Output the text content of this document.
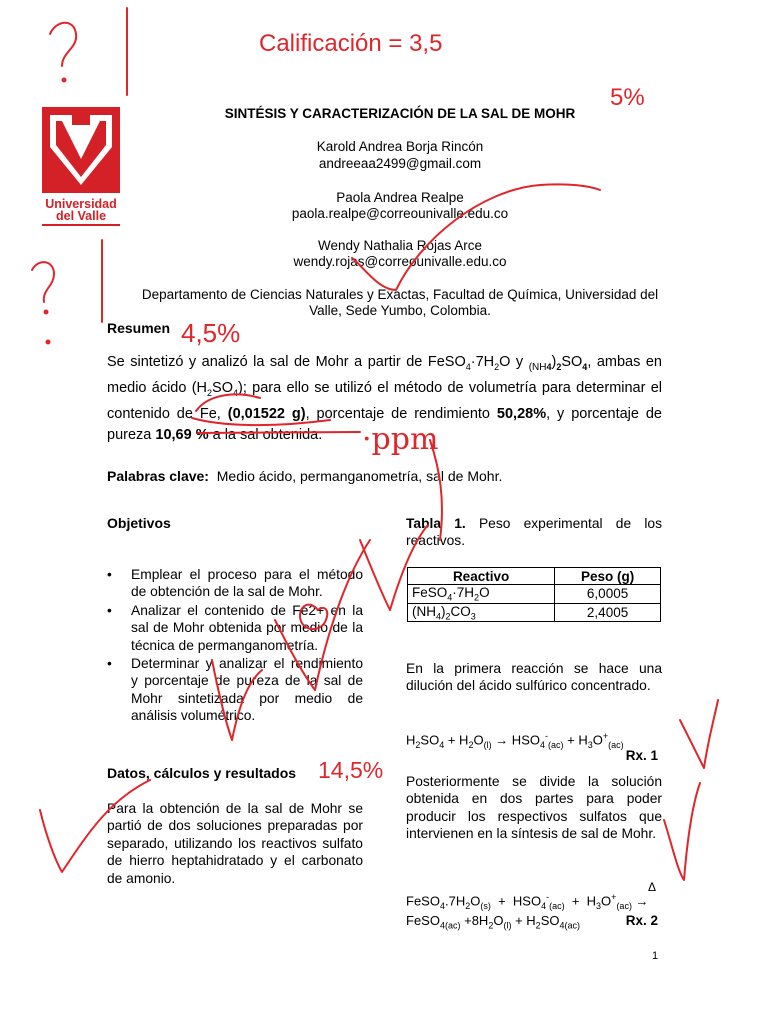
Calificación = 3,5
5%
4,5%
·ppm
14,5%
Universidad
del Valle
SINTÉSIS Y CARACTERIZACIÓN DE LA SAL DE MOHR
Karold Andrea Borja Rincón
andreeaa2499@gmail.com
Paola Andrea Realpe
paola.realpe@correounivalle.edu.co
Wendy Nathalia Rojas Arce
wendy.rojas@correounivalle.edu.co
Departamento de Ciencias Naturales y Exactas, Facultad de Química, Universidad del
Valle, Sede Yumbo, Colombia.
Resumen
Se sintetizó y analizó la sal de Mohr a partir de $FeSO_4\cdot 7H_2O$ y $_{(NH4})_2SO_4$, ambas en medio ácido $(H_2SO_4)$; para ello se utilizó el método de volumetría para determinar el contenido de Fe, (0,01522 g), porcentaje de rendimiento 50,28%, y porcentaje de pureza 10,69 % a la sal obtenida.
Palabras clave: Medio ácido, permanganometría, sal de Mohr.
Objetivos
• Emplear el proceso para el método de obtención de la sal de Mohr.
• Analizar el contenido de Fe2+ en la sal de Mohr obtenida por medio de la técnica de permanganometría.
• Determinar y analizar el rendimiento y porcentaje de pureza de la sal de Mohr sintetizada por medio de análisis volumétrico.
Datos, cálculos y resultados
Para la obtención de la sal de Mohr se partió de dos soluciones preparadas por separado, utilizando los reactivos sulfato de hierro heptahidratado y el carbonato de amonio.
Tabla 1. Peso experimental de los reactivos.
Reactivo	Peso (g)
$FeSO_4\cdot 7H_2O$	6,0005
$(NH_4)_2CO_3$	2,4005
En la primera reacción se hace una dilución del ácido sulfúrico concentrado.
$H_2SO_4 + H_2O_{(l)} \to HSO_4^-_{(ac)} + H_3O^+_{(ac)}$
Rx. 1
Posteriormente se divide la solución obtenida en dos partes para poder producir los respectivos sulfatos que intervienen en la síntesis de sal de Mohr.
Δ
$FeSO_4.7H_2O_{(s)} + HSO_4^-_{(ac)} + H_3O^+_{(ac)}$ →
FeSO$_{4(ac)}$ $+8H_2O_{(l)} + H_2SO_{4(ac)}$	Rx. 2
1
